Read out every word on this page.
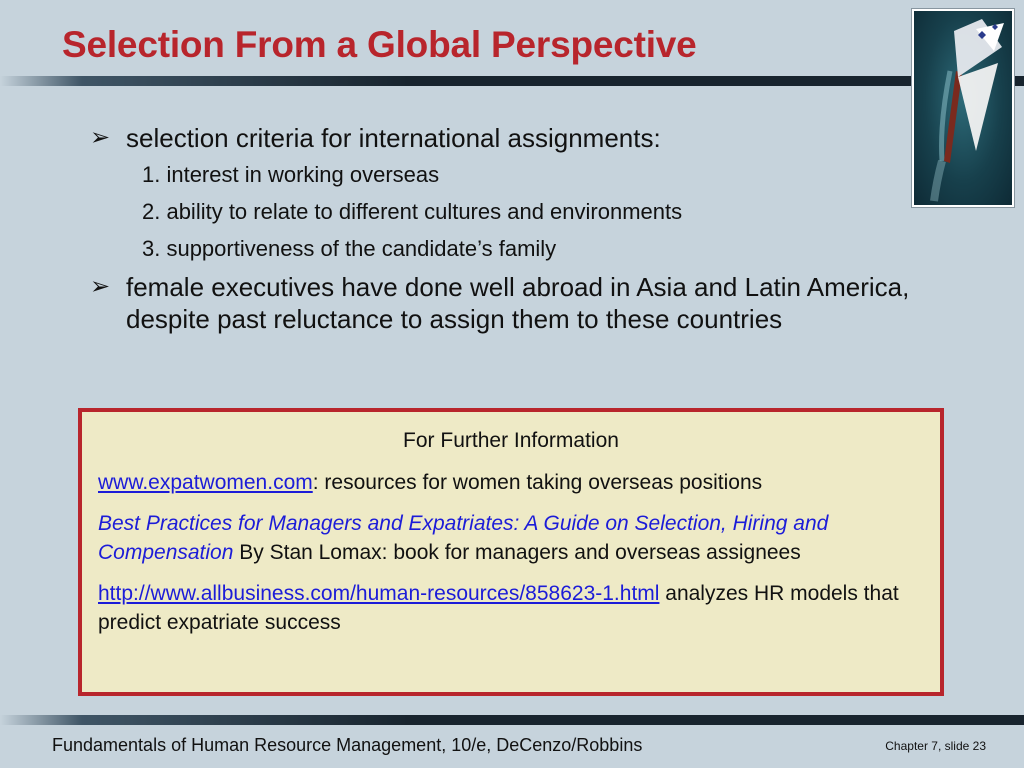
Selection From a Global Perspective
➢ selection criteria for international assignments:
1. interest in working overseas
2. ability to relate to different cultures and environments
3. supportiveness of the candidate’s family
➢ female executives have done well abroad in Asia and Latin America, despite past reluctance to assign them to these countries
For Further Information

www.expatwomen.com: resources for women taking overseas positions

Best Practices for Managers and Expatriates: A Guide on Selection, Hiring and Compensation By Stan Lomax: book for managers and overseas assignees

http://www.allbusiness.com/human-resources/858623-1.html analyzes HR models that predict expatriate success

Fundamentals of Human Resource Management, 10/e, DeCenzo/Robbins	Chapter 7, slide 23
